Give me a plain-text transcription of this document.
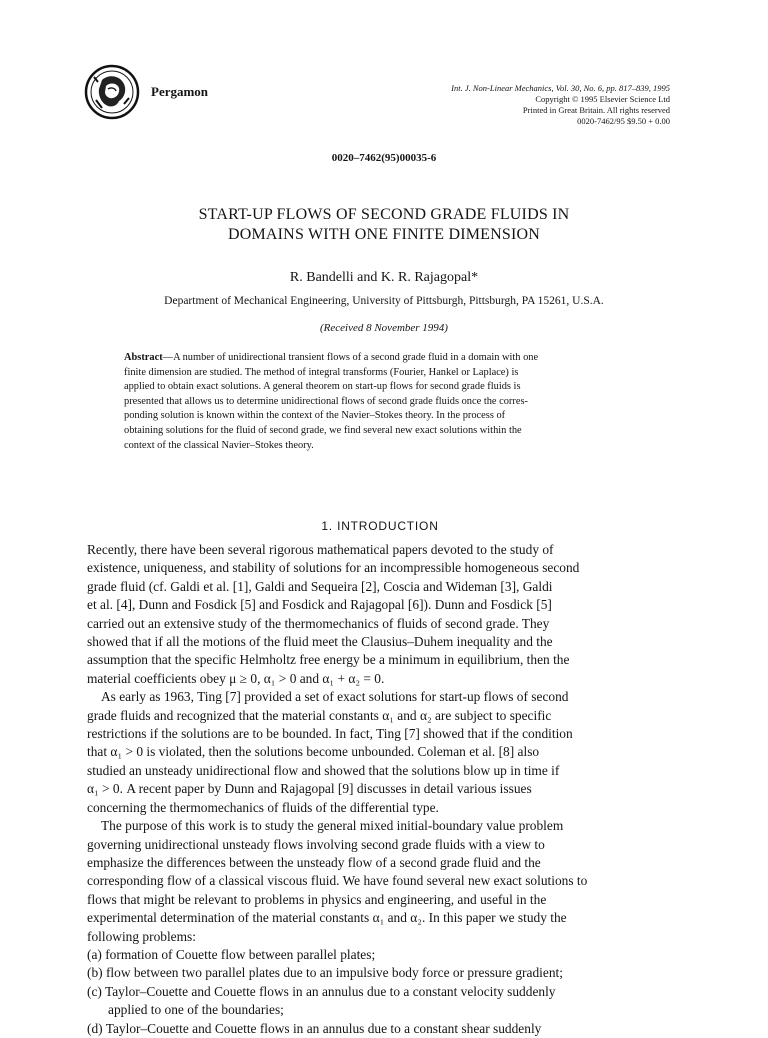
Pergamon	Int. J. Non-Linear Mechanics, Vol. 30, No. 6, pp. 817–839, 1995
Copyright © 1995 Elsevier Science Ltd
Printed in Great Britain. All rights reserved
0020-7462/95 $9.50 + 0.00
0020–7462(95)00035-6
START-UP FLOWS OF SECOND GRADE FLUIDS IN
DOMAINS WITH ONE FINITE DIMENSION
R. Bandelli and K. R. Rajagopal*
Department of Mechanical Engineering, University of Pittsburgh, Pittsburgh, PA 15261, U.S.A.
(Received 8 November 1994)
Abstract—A number of unidirectional transient flows of a second grade fluid in a domain with one
finite dimension are studied. The method of integral transforms (Fourier, Hankel or Laplace) is
applied to obtain exact solutions. A general theorem on start-up flows for second grade fluids is
presented that allows us to determine unidirectional flows of second grade fluids once the corres-
ponding solution is known within the context of the Navier–Stokes theory. In the process of
obtaining solutions for the fluid of second grade, we find several new exact solutions within the
context of the classical Navier–Stokes theory.
1. INTRODUCTION
Recently, there have been several rigorous mathematical papers devoted to the study of
existence, uniqueness, and stability of solutions for an incompressible homogeneous second
grade fluid (cf. Galdi et al. [1], Galdi and Sequeira [2], Coscia and Wideman [3], Galdi
et al. [4], Dunn and Fosdick [5] and Fosdick and Rajagopal [6]). Dunn and Fosdick [5]
carried out an extensive study of the thermomechanics of fluids of second grade. They
showed that if all the motions of the fluid meet the Clausius–Duhem inequality and the
assumption that the specific Helmholtz free energy be a minimum in equilibrium, then the
material coefficients obey μ ≥ 0, α₁ > 0 and α₁ + α₂ = 0.
As early as 1963, Ting [7] provided a set of exact solutions for start-up flows of second
grade fluids and recognized that the material constants α₁ and α₂ are subject to specific
restrictions if the solutions are to be bounded. In fact, Ting [7] showed that if the condition
that α₁ > 0 is violated, then the solutions become unbounded. Coleman et al. [8] also
studied an unsteady unidirectional flow and showed that the solutions blow up in time if
α₁ > 0. A recent paper by Dunn and Rajagopal [9] discusses in detail various issues
concerning the thermomechanics of fluids of the differential type.
The purpose of this work is to study the general mixed initial-boundary value problem
governing unidirectional unsteady flows involving second grade fluids with a view to
emphasize the differences between the unsteady flow of a second grade fluid and the
corresponding flow of a classical viscous fluid. We have found several new exact solutions to
flows that might be relevant to problems in physics and engineering, and useful in the
experimental determination of the material constants α₁ and α₂. In this paper we study the
following problems:
(a) formation of Couette flow between parallel plates;
(b) flow between two parallel plates due to an impulsive body force or pressure gradient;
(c) Taylor–Couette and Couette flows in an annulus due to a constant velocity suddenly
applied to one of the boundaries;
(d) Taylor–Couette and Couette flows in an annulus due to a constant shear suddenly
